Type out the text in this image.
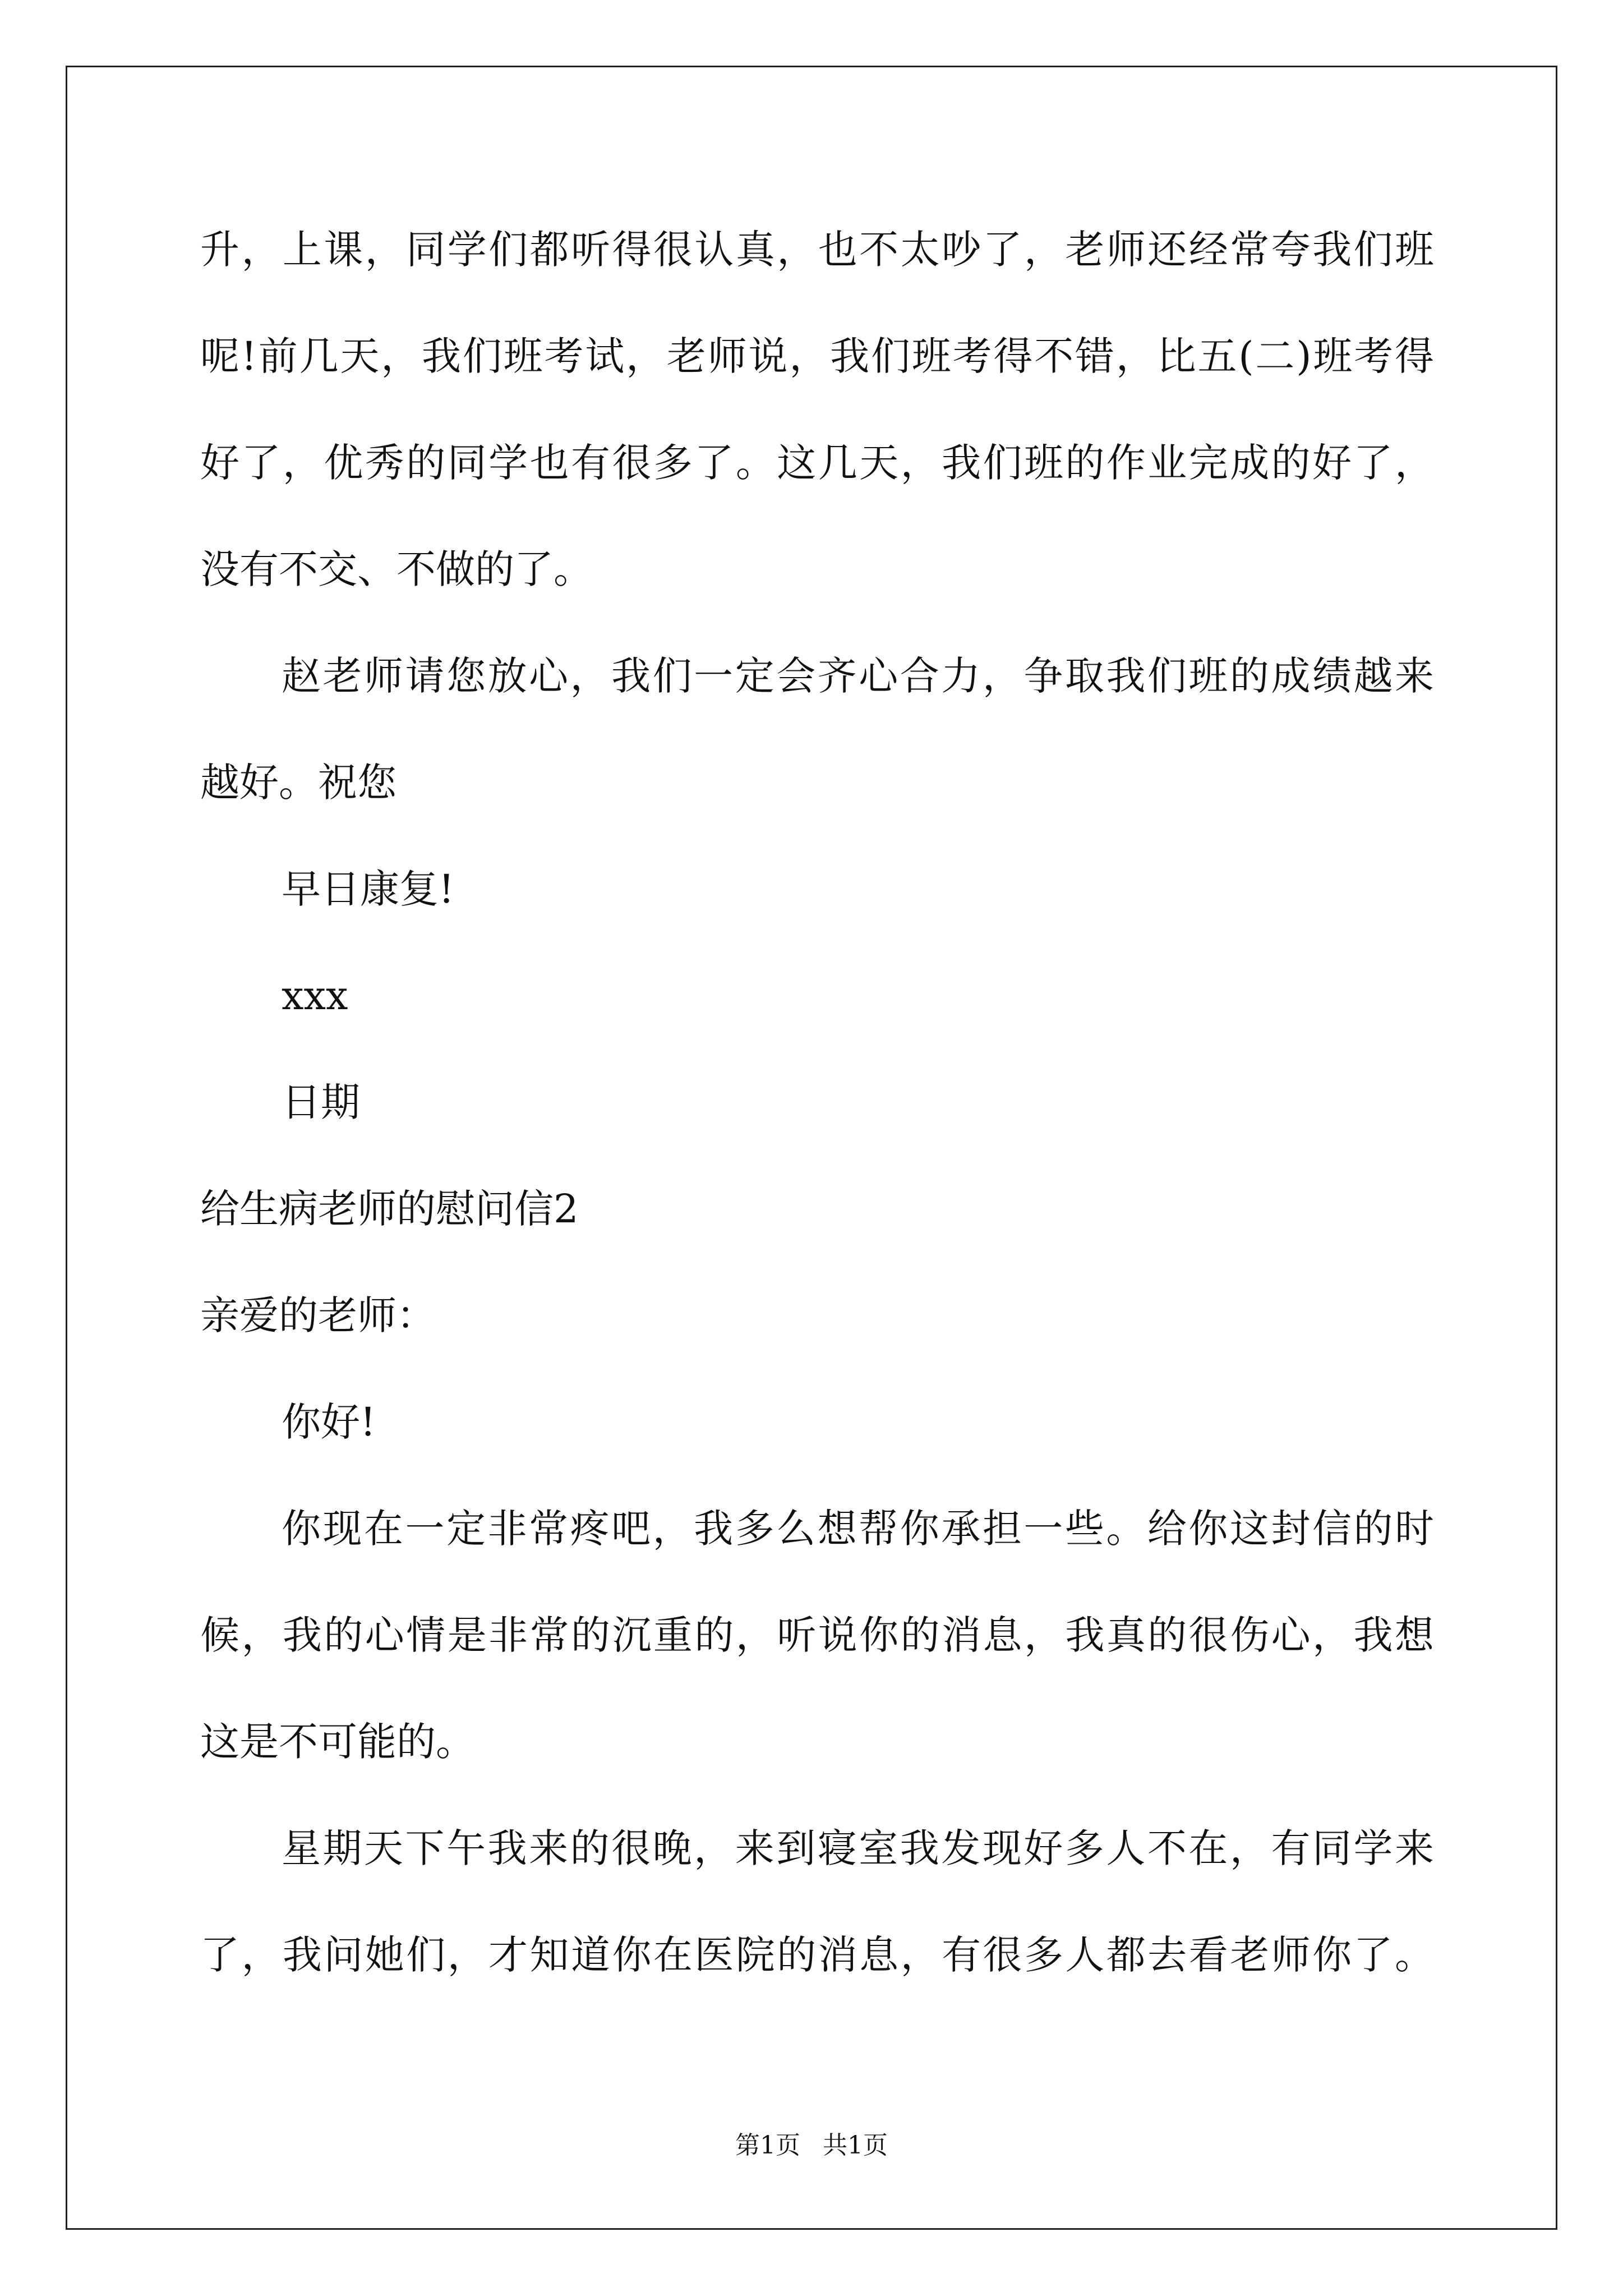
升，上课，同学们都听得很认真，也不太吵了，老师还经常夸我们班
呢!前几天，我们班考试，老师说，我们班考得不错，比五(二)班考得
好了，优秀的同学也有很多了。这几天，我们班的作业完成的好了，
没有不交、不做的了。
赵老师请您放心，我们一定会齐心合力，争取我们班的成绩越来
越好。祝您
早日康复!
xxx
日期
给生病老师的慰问信2
亲爱的老师：
你好!
你现在一定非常疼吧，我多么想帮你承担一些。给你这封信的时
候，我的心情是非常的沉重的，听说你的消息，我真的很伤心，我想
这是不可能的。
星期天下午我来的很晚，来到寝室我发现好多人不在，有同学来
了，我问她们，才知道你在医院的消息，有很多人都去看老师你了。
第1页 共1页
